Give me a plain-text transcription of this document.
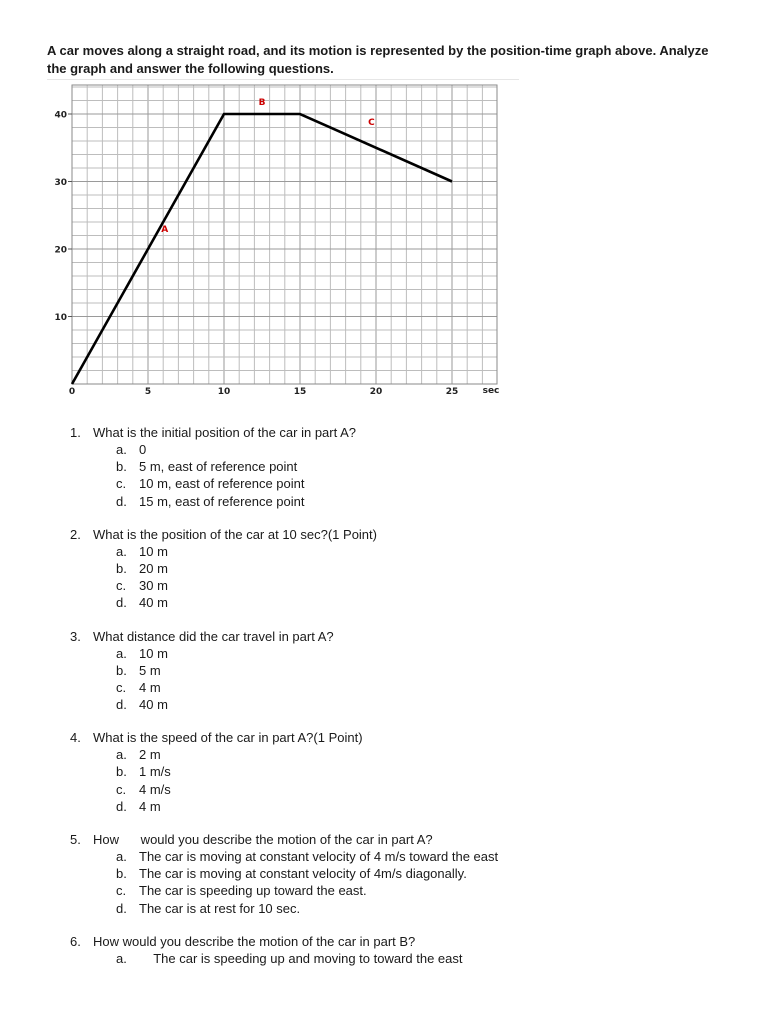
A car moves along a straight road, and its motion is represented by the position-time graph above. Analyze the graph and answer the following questions.
10
20
30
40
0	5	10	15	20	25	sec
A
B
C
1. What is the initial position of the car in part A?
a. 0
b. 5 m, east of reference point
c. 10 m, east of reference point
d. 15 m, east of reference point
2. What is the position of the car at 10 sec?(1 Point)
a. 10 m
b. 20 m
c. 30 m
d. 40 m
3. What distance did the car travel in part A?
a. 10 m
b. 5 m
c. 4 m
d. 40 m
4. What is the speed of the car in part A?(1 Point)
a. 2 m
b. 1 m/s
c. 4 m/s
d. 4 m
5. How      would you describe the motion of the car in part A?
a. The car is moving at constant velocity of 4 m/s toward the east
b. The car is moving at constant velocity of 4m/s diagonally.
c. The car is speeding up toward the east.
d. The car is at rest for 10 sec.
6. How would you describe the motion of the car in part B?
a. The car is speeding up and moving to toward the east
